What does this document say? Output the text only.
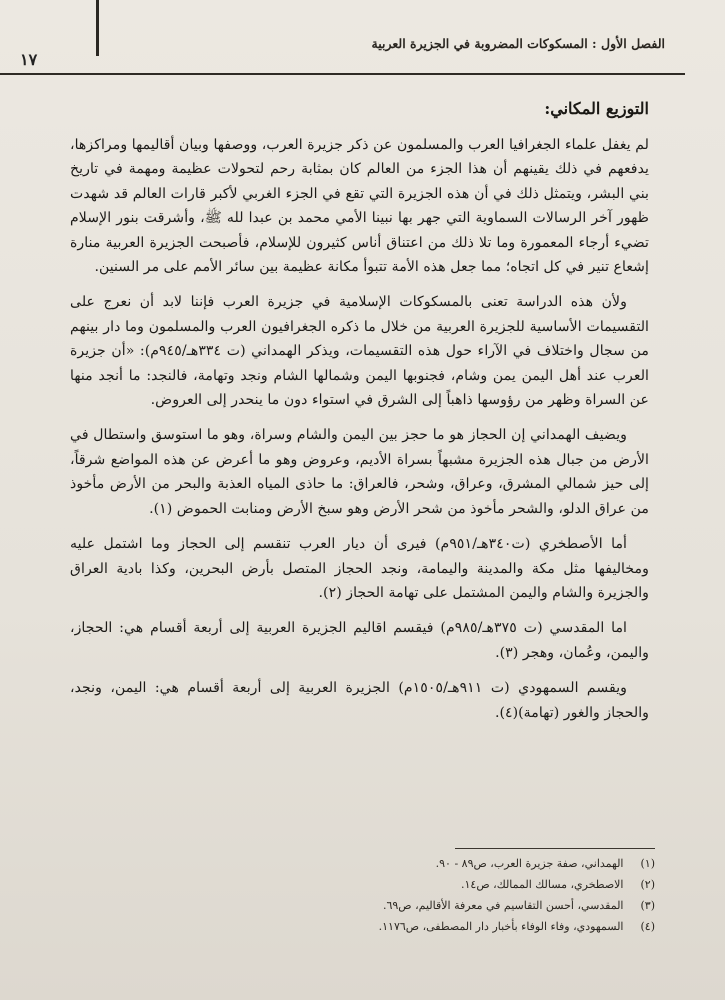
١٧
الفصل الأول : المسكوكات المضروبة في الجزيرة العربية
التوزيع المكاني:

لم يغفل علماء الجغرافيا العرب والمسلمون عن ذكر جزيرة العرب، ووصفها وبيان أقاليمها ومراكزها، يدفعهم في ذلك يقينهم أن هذا الجزء من العالم كان بمثابة رحم لتحولات عظيمة ومهمة في تاريخ بني البشر، ويتمثل ذلك في أن هذه الجزيرة التي تقع في الجزء الغربي لأكبر قارات العالم قد شهدت ظهور آخر الرسالات السماوية التي جهر بها نبينا الأمي محمد بن عبدا لله ﷺ، وأشرقت بنور الإسلام تضيء أرجاء المعمورة وما تلا ذلك من اعتناق أناس كثيرون للإسلام، فأصبحت الجزيرة العربية منارة إشعاع تنير في كل اتجاه؛ مما جعل هذه الأمة تتبوأ مكانة عظيمة بين سائر الأمم على مر السنين.

ولأن هذه الدراسة تعنى بالمسكوكات الإسلامية في جزيرة العرب فإننا لابد أن نعرج على التقسيمات الأساسية للجزيرة العربية من خلال ما ذكره الجغرافيون العرب والمسلمون وما دار بينهم من سجال واختلاف في الآراء حول هذه التقسيمات، ويذكر الهمداني (ت ٣٣٤هـ/٩٤٥م): «أن جزيرة العرب عند أهل اليمن يمن وشام، فجنوبها اليمن وشمالها الشام ونجد وتهامة، فالنجد: ما أنجد منها عن السراة وظهر من رؤوسها ذاهباً إلى الشرق في استواء دون ما ينحدر إلى العروض.

ويضيف الهمداني إن الحجاز هو ما حجز بين اليمن والشام وسراة، وهو ما استوسق واستطال في الأرض من جبال هذه الجزيرة مشبهاً بسراة الأديم، وعروض وهو ما أعرض عن هذه المواضع شرقاً، إلى حيز شمالي المشرق، وعراق، وشحر، فالعراق: ما حاذى المياه العذبة والبحر من الأرض مأخوذ من عراق الدلو، والشحر مأخوذ من شحر الأرض وهو سبخ الأرض ومنابت الحموض (١).

أما الأصطخري (ت٣٤٠هـ/٩٥١م) فيرى أن ديار العرب تنقسم إلى الحجاز وما اشتمل عليه ومخاليفها مثل مكة والمدينة واليمامة، ونجد الحجاز المتصل بأرض البحرين، وكذا بادية العراق والجزيرة والشام واليمن المشتمل على تهامة الحجاز (٢).

اما المقدسي (ت ٣٧٥هـ/٩٨٥م) فيقسم اقاليم الجزيرة العربية إلى أربعة أقسام هي: الحجاز، واليمن، وعُمان، وهجر (٣).

ويقسم السمهودي (ت ٩١١هـ/١٥٠٥م) الجزيرة العربية إلى أربعة أقسام هي: اليمن، ونجد، والحجاز والغور (تهامة)(٤).

(١) الهمداني، صفة جزيرة العرب، ص٨٩ - ٩٠.
(٢) الاصطخري، مسالك الممالك، ص١٤.
(٣) المقدسي، أحسن التقاسيم في معرفة الأقاليم، ص٦٩.
(٤) السمهودي، وفاء الوفاء بأخبار دار المصطفى، ص١١٧٦.
